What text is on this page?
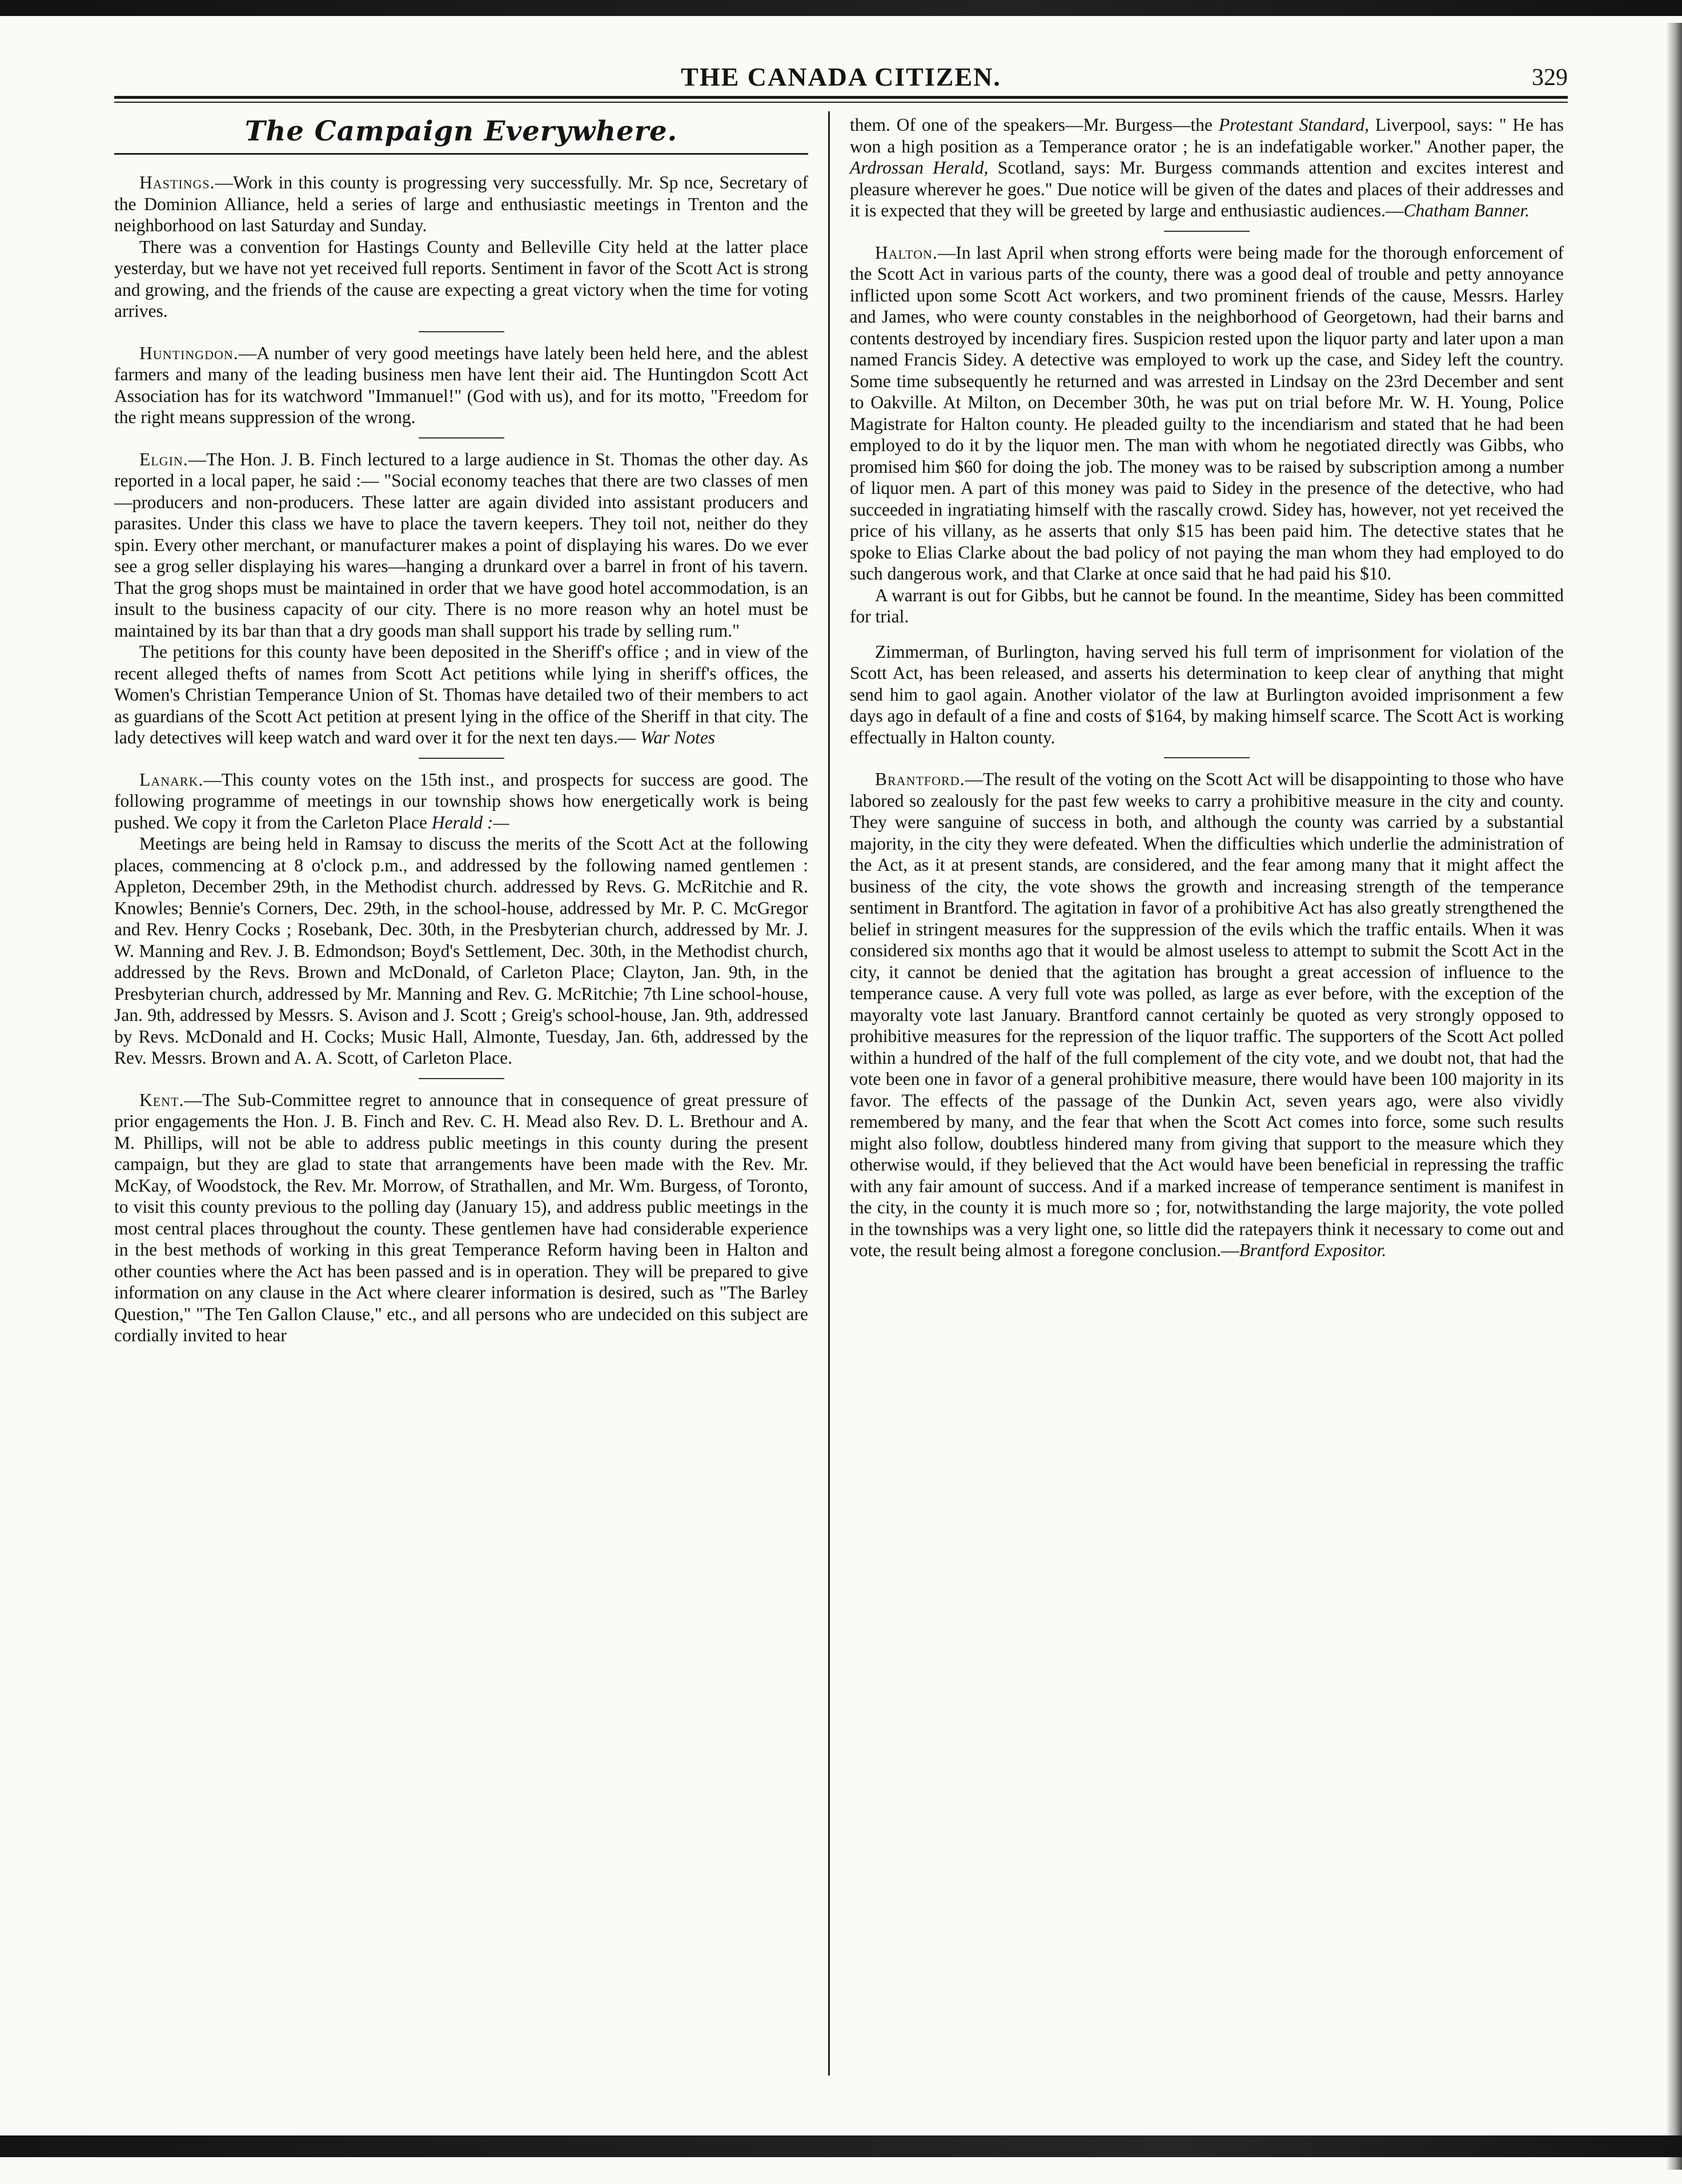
THE CANADA CITIZEN.	329
The Campaign Everywhere.

Hastings.—Work in this county is progressing very successfully. Mr. Sp nce, Secretary of the Dominion Alliance, held a series of large and enthusiastic meetings in Trenton and the neighborhood on last Saturday and Sunday.

There was a convention for Hastings County and Belleville City held at the latter place yesterday, but we have not yet received full reports. Sentiment in favor of the Scott Act is strong and growing, and the friends of the cause are expecting a great victory when the time for voting arrives.

Huntingdon.—A number of very good meetings have lately been held here, and the ablest farmers and many of the leading business men have lent their aid. The Huntingdon Scott Act Association has for its watchword "Immanuel!" (God with us), and for its motto, "Freedom for the right means suppression of the wrong.

Elgin.—The Hon. J. B. Finch lectured to a large audience in St. Thomas the other day. As reported in a local paper, he said :— "Social economy teaches that there are two classes of men—producers and non-producers. These latter are again divided into assistant producers and parasites. Under this class we have to place the tavern keepers. They toil not, neither do they spin. Every other merchant, or manufacturer makes a point of displaying his wares. Do we ever see a grog seller displaying his wares—hanging a drunkard over a barrel in front of his tavern. That the grog shops must be maintained in order that we have good hotel accommodation, is an insult to the business capacity of our city. There is no more reason why an hotel must be maintained by its bar than that a dry goods man shall support his trade by selling rum."

The petitions for this county have been deposited in the Sheriff's office ; and in view of the recent alleged thefts of names from Scott Act petitions while lying in sheriff's offices, the Women's Christian Temperance Union of St. Thomas have detailed two of their members to act as guardians of the Scott Act petition at present lying in the office of the Sheriff in that city. The lady detectives will keep watch and ward over it for the next ten days.— War Notes

Lanark.—This county votes on the 15th inst., and prospects for success are good. The following programme of meetings in our township shows how energetically work is being pushed. We copy it from the Carleton Place Herald :—

Meetings are being held in Ramsay to discuss the merits of the Scott Act at the following places, commencing at 8 o'clock p.m., and addressed by the following named gentlemen : Appleton, December 29th, in the Methodist church. addressed by Revs. G. McRitchie and R. Knowles; Bennie's Corners, Dec. 29th, in the school-house, addressed by Mr. P. C. McGregor and Rev. Henry Cocks ; Rosebank, Dec. 30th, in the Presbyterian church, addressed by Mr. J. W. Manning and Rev. J. B. Edmondson; Boyd's Settlement, Dec. 30th, in the Methodist church, addressed by the Revs. Brown and McDonald, of Carleton Place; Clayton, Jan. 9th, in the Presbyterian church, addressed by Mr. Manning and Rev. G. McRitchie; 7th Line school-house, Jan. 9th, addressed by Messrs. S. Avison and J. Scott ; Greig's school-house, Jan. 9th, addressed by Revs. McDonald and H. Cocks; Music Hall, Almonte, Tuesday, Jan. 6th, addressed by the Rev. Messrs. Brown and A. A. Scott, of Carleton Place.

Kent.—The Sub-Committee regret to announce that in consequence of great pressure of prior engagements the Hon. J. B. Finch and Rev. C. H. Mead also Rev. D. L. Brethour and A. M. Phillips, will not be able to address public meetings in this county during the present campaign, but they are glad to state that arrangements have been made with the Rev. Mr. McKay, of Woodstock, the Rev. Mr. Morrow, of Strathallen, and Mr. Wm. Burgess, of Toronto, to visit this county previous to the polling day (January 15), and address public meetings in the most central places throughout the county. These gentlemen have had considerable experience in the best methods of working in this great Temperance Reform having been in Halton and other counties where the Act has been passed and is in operation. They will be prepared to give information on any clause in the Act where clearer information is desired, such as "The Barley Question," "The Ten Gallon Clause," etc., and all persons who are undecided on this subject are cordially invited to hear

them. Of one of the speakers—Mr. Burgess—the Protestant Standard, Liverpool, says: " He has won a high position as a Temperance orator ; he is an indefatigable worker." Another paper, the Ardrossan Herald, Scotland, says: Mr. Burgess commands attention and excites interest and pleasure wherever he goes." Due notice will be given of the dates and places of their addresses and it is expected that they will be greeted by large and enthusiastic audiences.—Chatham Banner.

Halton.—In last April when strong efforts were being made for the thorough enforcement of the Scott Act in various parts of the county, there was a good deal of trouble and petty annoyance inflicted upon some Scott Act workers, and two prominent friends of the cause, Messrs. Harley and James, who were county constables in the neighborhood of Georgetown, had their barns and contents destroyed by incendiary fires. Suspicion rested upon the liquor party and later upon a man named Francis Sidey. A detective was employed to work up the case, and Sidey left the country. Some time subsequently he returned and was arrested in Lindsay on the 23rd December and sent to Oakville. At Milton, on December 30th, he was put on trial before Mr. W. H. Young, Police Magistrate for Halton county. He pleaded guilty to the incendiarism and stated that he had been employed to do it by the liquor men. The man with whom he negotiated directly was Gibbs, who promised him $60 for doing the job. The money was to be raised by subscription among a number of liquor men. A part of this money was paid to Sidey in the presence of the detective, who had succeeded in ingratiating himself with the rascally crowd. Sidey has, however, not yet received the price of his villany, as he asserts that only $15 has been paid him. The detective states that he spoke to Elias Clarke about the bad policy of not paying the man whom they had employed to do such dangerous work, and that Clarke at once said that he had paid his $10.

A warrant is out for Gibbs, but he cannot be found. In the meantime, Sidey has been committed for trial.

Zimmerman, of Burlington, having served his full term of imprisonment for violation of the Scott Act, has been released, and asserts his determination to keep clear of anything that might send him to gaol again. Another violator of the law at Burlington avoided imprisonment a few days ago in default of a fine and costs of $164, by making himself scarce. The Scott Act is working effectually in Halton county.

Brantford.—The result of the voting on the Scott Act will be disappointing to those who have labored so zealously for the past few weeks to carry a prohibitive measure in the city and county. They were sanguine of success in both, and although the county was carried by a substantial majority, in the city they were defeated. When the difficulties which underlie the administration of the Act, as it at present stands, are considered, and the fear among many that it might affect the business of the city, the vote shows the growth and increasing strength of the temperance sentiment in Brantford. The agitation in favor of a prohibitive Act has also greatly strengthened the belief in stringent measures for the suppression of the evils which the traffic entails. When it was considered six months ago that it would be almost useless to attempt to submit the Scott Act in the city, it cannot be denied that the agitation has brought a great accession of influence to the temperance cause. A very full vote was polled, as large as ever before, with the exception of the mayoralty vote last January. Brantford cannot certainly be quoted as very strongly opposed to prohibitive measures for the repression of the liquor traffic. The supporters of the Scott Act polled within a hundred of the half of the full complement of the city vote, and we doubt not, that had the vote been one in favor of a general prohibitive measure, there would have been 100 majority in its favor. The effects of the passage of the Dunkin Act, seven years ago, were also vividly remembered by many, and the fear that when the Scott Act comes into force, some such results might also follow, doubtless hindered many from giving that support to the measure which they otherwise would, if they believed that the Act would have been beneficial in repressing the traffic with any fair amount of success. And if a marked increase of temperance sentiment is manifest in the city, in the county it is much more so ; for, notwithstanding the large majority, the vote polled in the townships was a very light one, so little did the ratepayers think it necessary to come out and vote, the result being almost a foregone conclusion.—Brantford Expositor.
